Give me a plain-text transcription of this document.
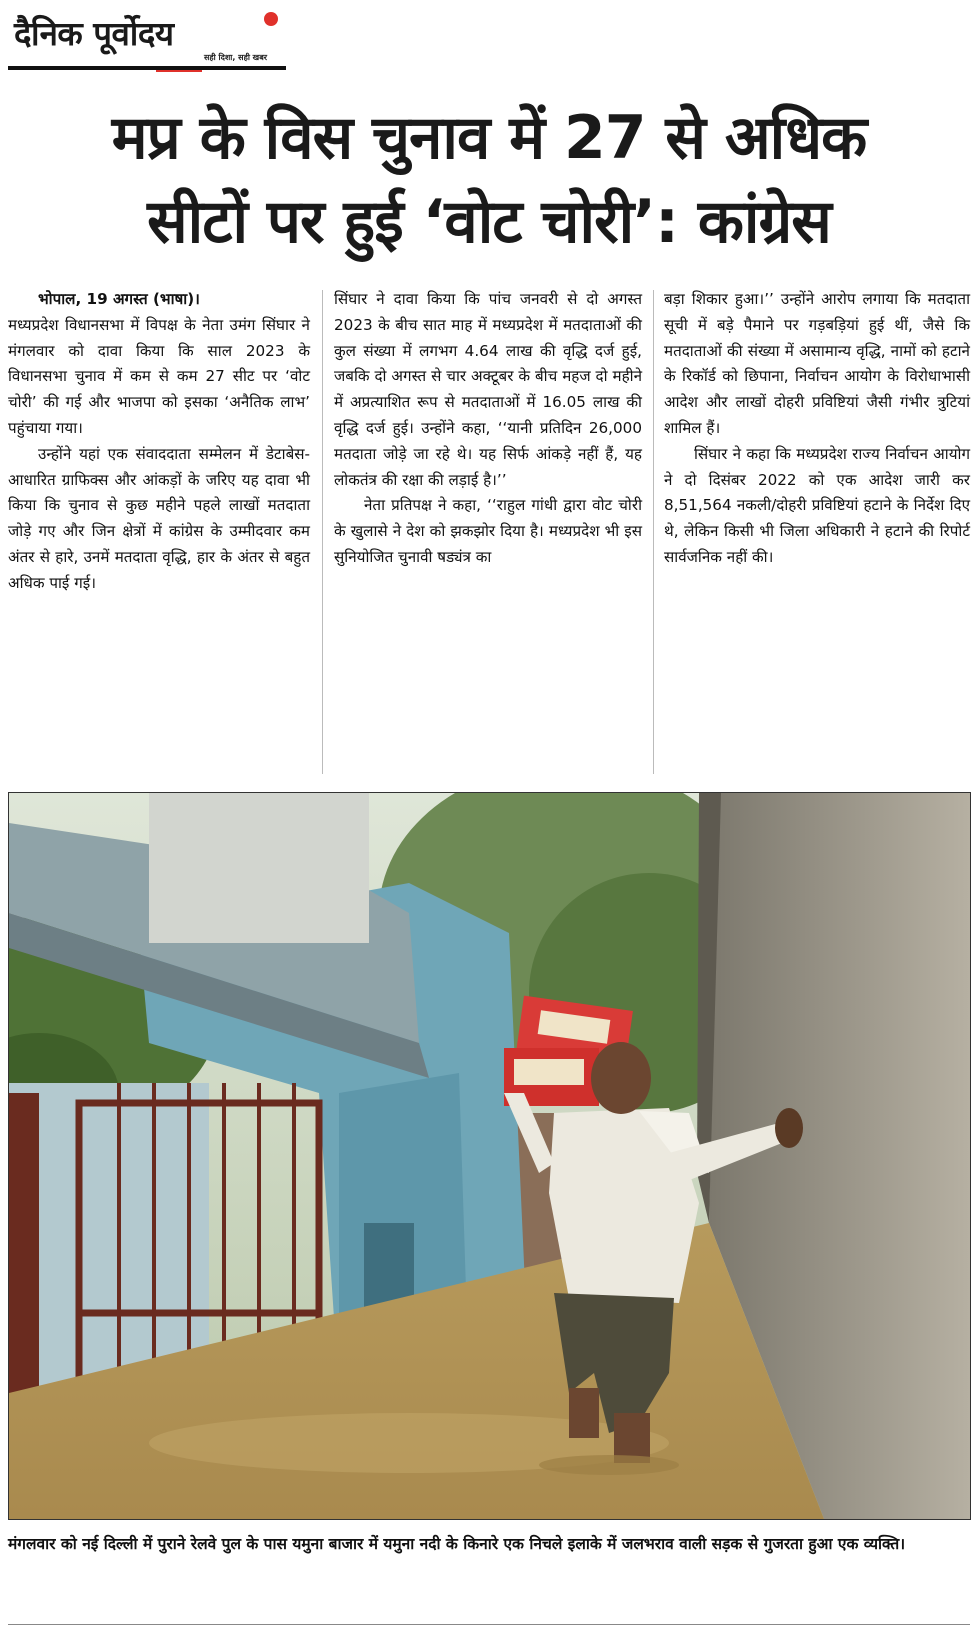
दैनिक पूर्वोदय
सही दिशा, सही खबर
मप्र के विस चुनाव में 27 से अधिक
सीटों पर हुई ‘वोट चोरी’: कांग्रेस

भोपाल, 19 अगस्त (भाषा)।
मध्यप्रदेश विधानसभा में विपक्ष के नेता उमंग सिंघार ने मंगलवार को दावा किया कि साल 2023 के विधानसभा चुनाव में कम से कम 27 सीट पर ‘वोट चोरी’ की गई और भाजपा को इसका ‘अनैतिक लाभ’ पहुंचाया गया।

उन्होंने यहां एक संवाददाता सम्मेलन में डेटाबेस-आधारित ग्राफिक्स और आंकड़ों के जरिए यह दावा भी किया कि चुनाव से कुछ महीने पहले लाखों मतदाता जोड़े गए और जिन क्षेत्रों में कांग्रेस के उम्मीदवार कम अंतर से हारे, उनमें मतदाता वृद्धि, हार के अंतर से बहुत अधिक पाई गई।

सिंघार ने दावा किया कि पांच जनवरी से दो अगस्त 2023 के बीच सात माह में मध्यप्रदेश में मतदाताओं की कुल संख्या में लगभग 4.64 लाख की वृद्धि दर्ज हुई, जबकि दो अगस्त से चार अक्टूबर के बीच महज दो महीने में अप्रत्याशित रूप से मतदाताओं में 16.05 लाख की वृद्धि दर्ज हुई। उन्होंने कहा, ‘‘यानी प्रतिदिन 26,000 मतदाता जोड़े जा रहे थे। यह सिर्फ आंकड़े नहीं हैं, यह लोकतंत्र की रक्षा की लड़ाई है।’’

नेता प्रतिपक्ष ने कहा, ‘‘राहुल गांधी द्वारा वोट चोरी के खुलासे ने देश को झकझोर दिया है। मध्यप्रदेश भी इस सुनियोजित चुनावी षड्यंत्र का

बड़ा शिकार हुआ।’’ उन्होंने आरोप लगाया कि मतदाता सूची में बड़े पैमाने पर गड़बड़ियां हुई थीं, जैसे कि मतदाताओं की संख्या में असामान्य वृद्धि, नामों को हटाने के रिकॉर्ड को छिपाना, निर्वाचन आयोग के विरोधाभासी आदेश और लाखों दोहरी प्रविष्टियां जैसी गंभीर त्रुटियां शामिल हैं।

सिंघार ने कहा कि मध्यप्रदेश राज्य निर्वाचन आयोग ने दो दिसंबर 2022 को एक आदेश जारी कर 8,51,564 नकली/दोहरी प्रविष्टियां हटाने के निर्देश दिए थे, लेकिन किसी भी जिला अधिकारी ने हटाने की रिपोर्ट सार्वजनिक नहीं की।

मंगलवार को नई दिल्ली में पुराने रेलवे पुल के पास यमुना बाजार में यमुना नदी के किनारे एक निचले इलाके में जलभराव वाली सड़क से गुजरता हुआ एक व्यक्ति।
